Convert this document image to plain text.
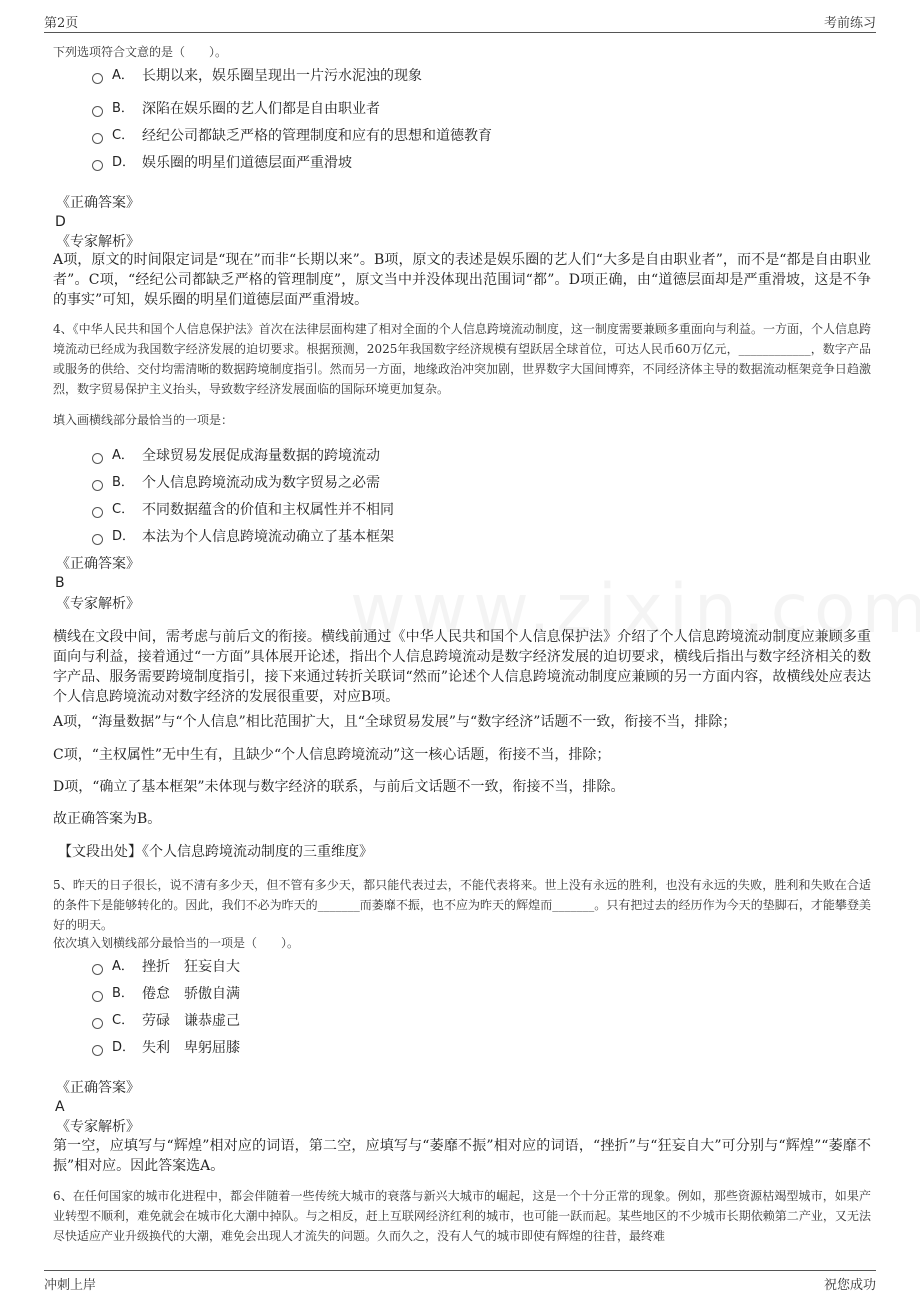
第2页	考前练习

下列选项符合文意的是（　　）。

A． 长期以来，娱乐圈呈现出一片污水泥浊的现象
B． 深陷在娱乐圈的艺人们都是自由职业者
C． 经纪公司都缺乏严格的管理制度和应有的思想和道德教育
D． 娱乐圈的明星们道德层面严重滑坡
《正确答案》
D
《专家解析》

A项，原文的时间限定词是“现在”而非“长期以来”。B项，原文的表述是娱乐圈的艺人们“大多是自由职业者”，而不是“都是自由职业者”。C项，“经纪公司都缺乏严格的管理制度”，原文当中并没体现出范围词“都”。D项正确，由“道德层面却是严重滑坡，这是不争的事实”可知，娱乐圈的明星们道德层面严重滑坡。

4、《中华人民共和国个人信息保护法》首次在法律层面构建了相对全面的个人信息跨境流动制度，这一制度需要兼顾多重面向与利益。一方面，个人信息跨境流动已经成为我国数字经济发展的迫切要求。根据预测，2025年我国数字经济规模有望跃居全球首位，可达人民币60万亿元，____________，数字产品或服务的供给、交付均需清晰的数据跨境制度指引。然而另一方面，地缘政治冲突加剧，世界数字大国间博弈，不同经济体主导的数据流动框架竞争日趋激烈，数字贸易保护主义抬头，导致数字经济发展面临的国际环境更加复杂。

填入画横线部分最恰当的一项是：

A． 全球贸易发展促成海量数据的跨境流动
B． 个人信息跨境流动成为数字贸易之必需
C． 不同数据蕴含的价值和主权属性并不相同
D． 本法为个人信息跨境流动确立了基本框架
《正确答案》
B
《专家解析》

横线在文段中间，需考虑与前后文的衔接。横线前通过《中华人民共和国个人信息保护法》介绍了个人信息跨境流动制度应兼顾多重面向与利益，接着通过“一方面”具体展开论述，指出个人信息跨境流动是数字经济发展的迫切要求，横线后指出与数字经济相关的数字产品、服务需要跨境制度指引，接下来通过转折关联词“然而”论述个人信息跨境流动制度应兼顾的另一方面内容，故横线处应表达个人信息跨境流动对数字经济的发展很重要，对应B项。

A项，“海量数据”与“个人信息”相比范围扩大，且“全球贸易发展”与“数字经济”话题不一致，衔接不当，排除；

C项，“主权属性”无中生有，且缺少“个人信息跨境流动”这一核心话题，衔接不当，排除；

D项，“确立了基本框架”未体现与数字经济的联系，与前后文话题不一致，衔接不当，排除。

故正确答案为B。

【文段出处】《个人信息跨境流动制度的三重维度》

5、昨天的日子很长，说不清有多少天，但不管有多少天，都只能代表过去，不能代表将来。世上没有永远的胜利，也没有永远的失败，胜利和失败在合适的条件下是能够转化的。因此，我们不必为昨天的_______而萎靡不振，也不应为昨天的辉煌而_______。只有把过去的经历作为今天的垫脚石，才能攀登美好的明天。

依次填入划横线部分最恰当的一项是（　　）。

A． 挫折　狂妄自大
B． 倦怠　骄傲自满
C． 劳碌　谦恭虚己
D． 失利　卑躬屈膝
《正确答案》
A
《专家解析》

第一空，应填写与“辉煌”相对应的词语，第二空，应填写与“萎靡不振”相对应的词语，“挫折”与“狂妄自大”可分别与“辉煌”“萎靡不振”相对应。因此答案选A。

6、在任何国家的城市化进程中，都会伴随着一些传统大城市的衰落与新兴大城市的崛起，这是一个十分正常的现象。例如，那些资源枯竭型城市，如果产业转型不顺利，难免就会在城市化大潮中掉队。与之相反，赶上互联网经济红利的城市，也可能一跃而起。某些地区的不少城市长期依赖第二产业，又无法尽快适应产业升级换代的大潮，难免会出现人才流失的问题。久而久之，没有人气的城市即使有辉煌的往昔，最终难

冲刺上岸	祝您成功
